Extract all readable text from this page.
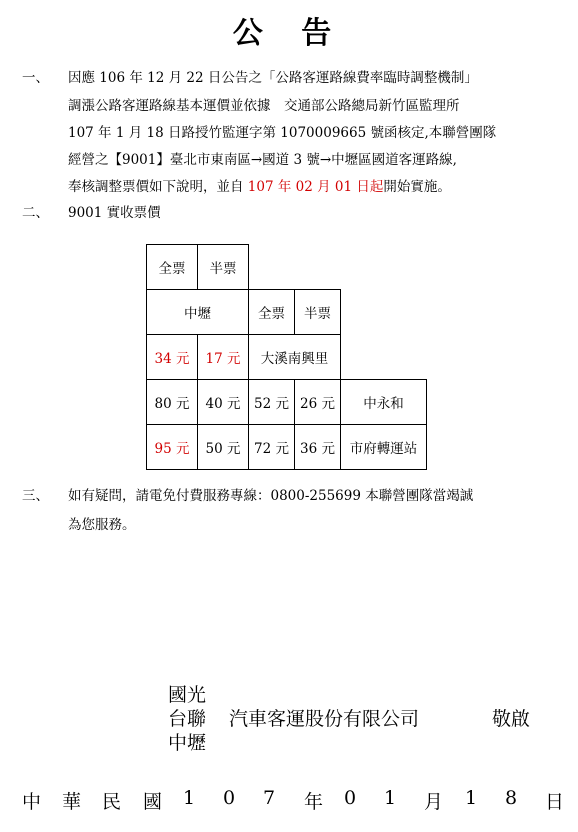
公 告
一、 因應 106 年 12 月 22 日公告之「公路客運路線費率臨時調整機制」
調漲公路客運路線基本運價並依據　交通部公路總局新竹區監理所
107 年 1 月 18 日路授竹監運字第 1070009665 號函核定,本聯營團隊
經營之【9001】臺北市東南區→國道 3 號→中壢區國道客運路線,
奉核調整票價如下說明，並自 107 年 02 月 01 日起開始實施。
二、 9001 實收票價
全票	半票			
中壢		全票	半票	
34 元	17 元	大溪南興里		
80 元	40 元	52 元	26 元	中永和
95 元	50 元	72 元	36 元	市府轉運站
三、 如有疑問，請電免付費服務專線：0800-255699 本聯營團隊當竭誠
為您服務。
國光
台聯
中壢
汽車客運股份有限公司	敬啟
中 華 民 國 1 0 7 年 0 1 月 1 8 日
